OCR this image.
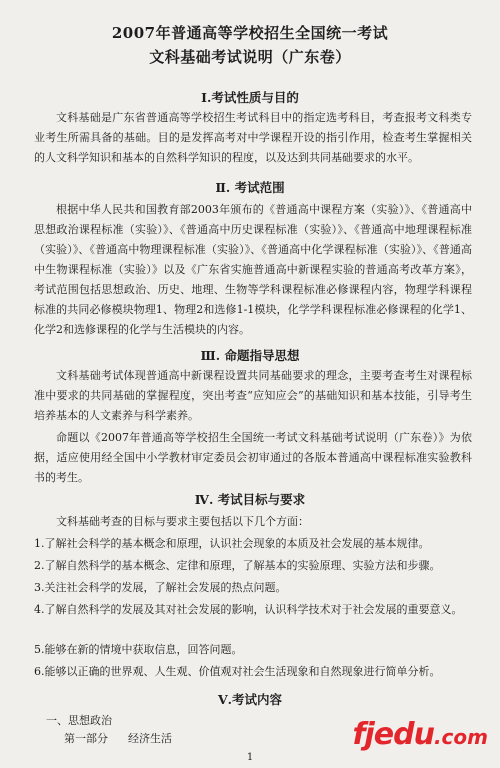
2007年普通高等学校招生全国统一考试
文科基础考试说明（广东卷）
Ⅰ.考试性质与目的

文科基础是广东省普通高等学校招生考试科目中的指定选考科目，考查报考文科类专业考生所需具备的基础。目的是发挥高考对中学课程开设的指引作用，检查考生掌握相关的人文科学知识和基本的自然科学知识的程度，以及达到共同基础要求的水平。

Ⅱ. 考试范围

根据中华人民共和国教育部2003年颁布的《普通高中课程方案（实验）》、《普通高中思想政治课程标准（实验）》、《普通高中历史课程标准（实验）》、《普通高中地理课程标准（实验）》、《普通高中物理课程标准（实验）》、《普通高中化学课程标准（实验）》、《普通高中生物课程标准（实验）》以及《广东省实施普通高中新课程实验的普通高考改革方案》，考试范围包括思想政治、历史、地理、生物等学科课程标准必修课程内容，物理学科课程标准的共同必修模块物理1、物理2和选修1-1模块，化学学科课程标准必修课程的化学1、化学2和选修课程的化学与生活模块的内容。

Ⅲ. 命题指导思想

文科基础考试体现普通高中新课程设置共同基础要求的理念，主要考查考生对课程标准中要求的共同基础的掌握程度，突出考查“应知应会”的基础知识和基本技能，引导考生培养基本的人文素养与科学素养。

命题以《2007年普通高等学校招生全国统一考试文科基础考试说明（广东卷）》为依据，适应使用经全国中小学教材审定委员会初审通过的各版本普通高中课程标准实验教科书的考生。

Ⅳ. 考试目标与要求

文科基础考查的目标与要求主要包括以下几个方面：

1.了解社会科学的基本概念和原理，认识社会现象的本质及社会发展的基本规律。

2.了解自然科学的基本概念、定律和原理，了解基本的实验原理、实验方法和步骤。

3.关注社会科学的发展，了解社会发展的热点问题。

4.了解自然科学的发展及其对社会发展的影响，认识科学技术对于社会发展的重要意义。

5.能够在新的情境中获取信息，回答问题。

6.能够以正确的世界观、人生观、价值观对社会生活现象和自然现象进行简单分析。

Ⅴ.考试内容
一、思想政治
第一部分 经济生活
1
fjedu.com
